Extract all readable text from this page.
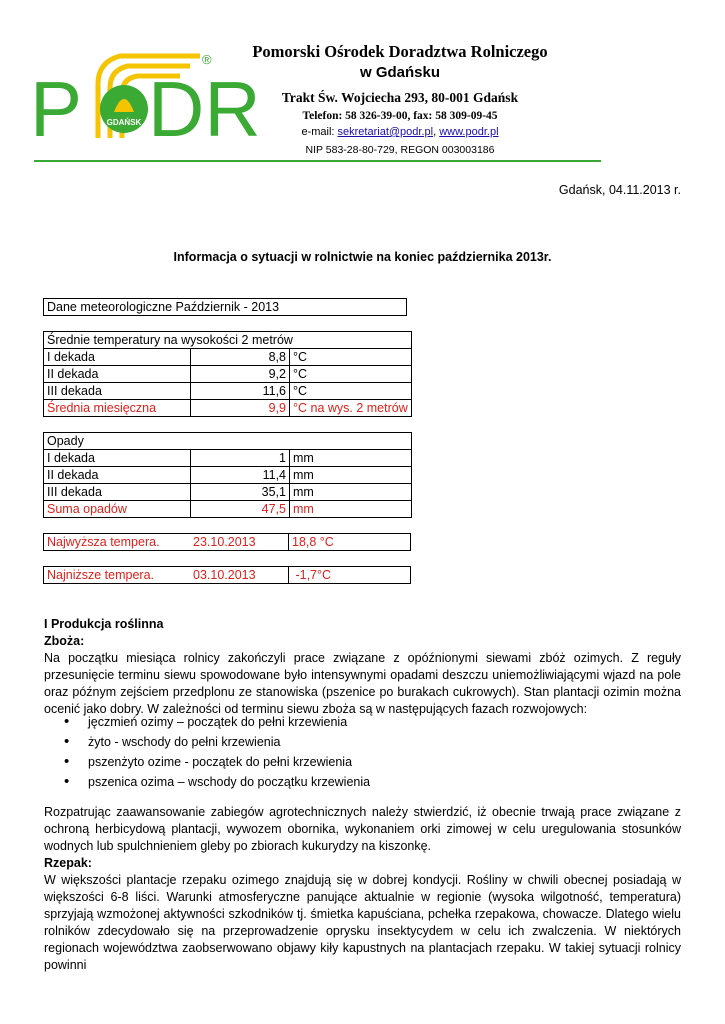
P	GDAŃSK DR
®	Pomorski Ośrodek Doradztwa Rolniczego
w Gdańsku
Trakt Św. Wojciecha 293, 80-001 Gdańsk
Telefon: 58 326-39-00, fax: 58 309-09-45
e-mail: sekretariat@podr.pl, www.podr.pl
NIP 583-28-80-729, REGON 003003186
Gdańsk, 04.11.2013 r.
Informacja o sytuacji w rolnictwie na koniec października 2013r.
Dane meteorologiczne Październik - 2013
Średnie temperatury na wysokości 2 metrów		
I dekada	8,8	°C
II dekada	9,2	°C
III dekada	11,6	°C
Średnia miesięczna	9,9	°C na wys. 2 metrów
Opady		
I dekada	1	mm
II dekada	11,4	mm
III dekada	35,1	mm
Suma opadów	47,5	mm
Najwyższa tempera.	23.10.2013	18,8 °C
Najniższe tempera.	03.10.2013	-1,7°C
I Produkcja roślinna
Zboża:
Na początku miesiąca rolnicy zakończyli prace związane z opóźnionymi siewami zbóż ozimych. Z reguły przesunięcie terminu siewu spowodowane było intensywnymi opadami deszczu uniemożliwiającymi wjazd na pole oraz późnym zejściem przedplonu ze stanowiska (pszenice po burakach cukrowych). Stan plantacji ozimin można ocenić jako dobry. W zależności od terminu siewu zboża są w następujących fazach rozwojowych:
• jęczmień ozimy – początek do pełni krzewienia
• żyto - wschody do pełni krzewienia
• pszenżyto ozime - początek do pełni krzewienia
• pszenica ozima – wschody do początku krzewienia
Rozpatrując zaawansowanie zabiegów agrotechnicznych należy stwierdzić, iż obecnie trwają prace związane z ochroną herbicydową plantacji, wywozem obornika, wykonaniem orki zimowej w celu uregulowania stosunków wodnych lub spulchnieniem gleby po zbiorach kukurydzy na kiszonkę.
Rzepak:
W większości plantacje rzepaku ozimego znajdują się w dobrej kondycji. Rośliny w chwili obecnej posiadają w większości 6-8 liści. Warunki atmosferyczne panujące aktualnie w regionie (wysoka wilgotność, temperatura) sprzyjają wzmożonej aktywności szkodników tj. śmietka kapuściana, pchełka rzepakowa, chowacze. Dlatego wielu rolników zdecydowało się na przeprowadzenie oprysku insektycydem w celu ich zwalczenia. W niektórych regionach województwa zaobserwowano objawy kiły kapustnych na plantacjach rzepaku. W takiej sytuacji rolnicy powinni
